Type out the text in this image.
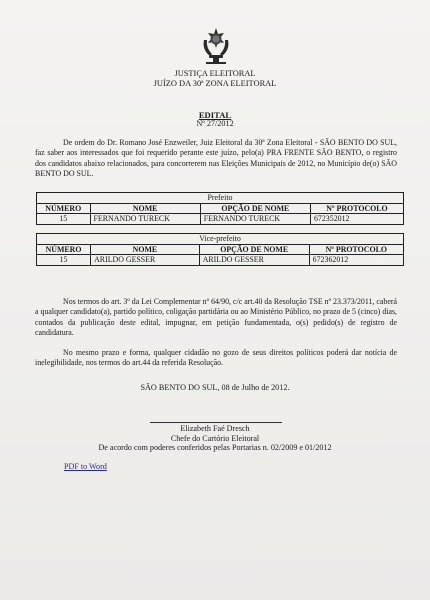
JUSTIÇA ELEITORAL
JUÍZO DA 30ª ZONA ELEITORAL
EDITAL
Nº 27/2012
De ordem do Dr. Romano José Enzweiler, Juiz Eleitoral da 30ª Zona Eleitoral - SÃO BENTO DO SUL, faz saber aos interessados que foi requerido perante este juízo, pelo(a) PRA FRENTE SÃO BENTO, o registro dos candidatos abaixo relacionados, para concorrerem nas Eleições Municipais de 2012, no Município de(o) SÃO BENTO DO SUL.
Prefeito			
NÚMERO	NOME	OPÇÃO DE NOME	Nº PROTOCOLO
15	FERNANDO TURECK	FERNANDO TURECK	672352012
Vice-prefeito			
NÚMERO	NOME	OPÇÃO DE NOME	Nº PROTOCOLO
15	ARILDO GESSER	ARILDO GESSER	672362012
Nos termos do art. 3º da Lei Complementar nº 64/90, c/c art.40 da Resolução TSE nº 23.373/2011, caberá a qualquer candidato(a), partido político, coligação partidária ou ao Ministério Público, no prazo de 5 (cinco) dias, contados da publicação deste edital, impugnar, em petição fundamentada, o(s) pedido(s) de registro de candidatura.
No mesmo prazo e forma, qualquer cidadão no gozo de seus direitos políticos poderá dar notícia de inelegibilidade, nos termos do art.44 da referida Resolução.
SÃO BENTO DO SUL, 08 de Julho de 2012.
Elizabeth Faé Dresch
Chefe do Cartório Eleitoral
De acordo com poderes conferidos pelas Portarias n. 02/2009 e 01/2012
PDF to Word
